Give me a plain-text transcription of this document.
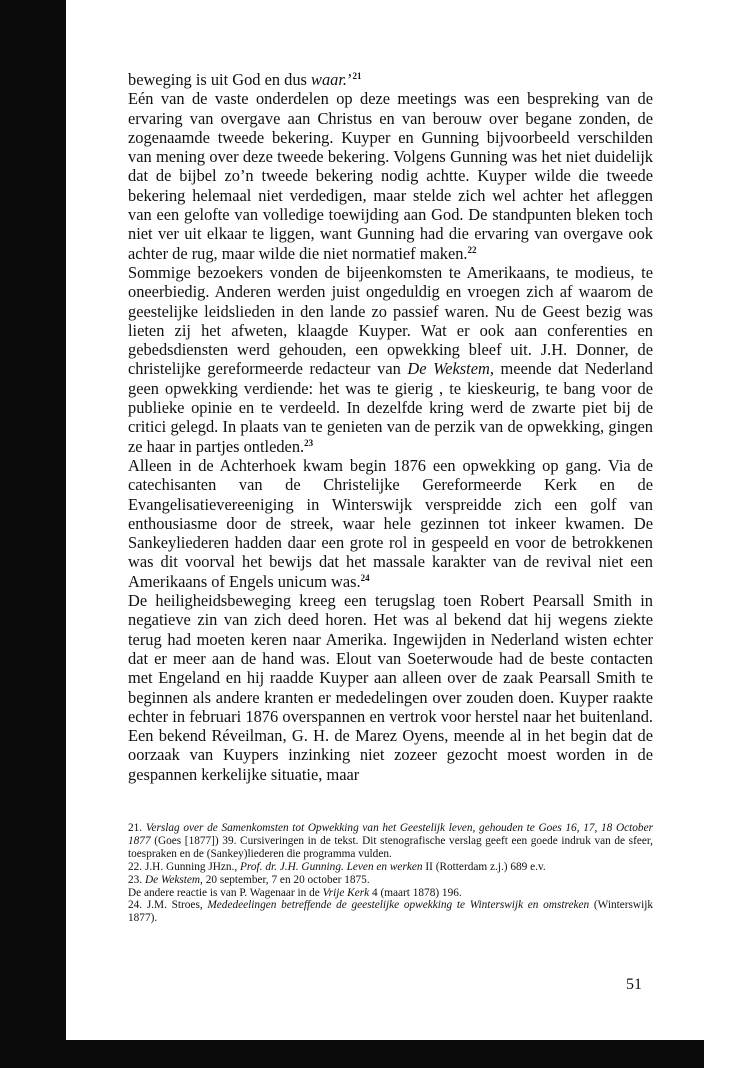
beweging is uit God en dus waar.’$^{21}$

Eén van de vaste onderdelen op deze meetings was een bespreking van de ervaring van overgave aan Christus en van berouw over begane zonden, de zogenaamde tweede bekering. Kuyper en Gunning bijvoorbeeld verschilden van mening over deze tweede bekering. Volgens Gunning was het niet duidelijk dat de bijbel zo’n tweede bekering nodig achtte. Kuyper wilde die tweede bekering helemaal niet verdedigen, maar stelde zich wel achter het afleggen van een gelofte van volledige toewijding aan God. De standpunten bleken toch niet ver uit elkaar te liggen, want Gunning had die ervaring van overgave ook achter de rug, maar wilde die niet normatief maken.$^{22}$

Sommige bezoekers vonden de bijeenkomsten te Amerikaans, te modieus, te oneerbiedig. Anderen werden juist ongeduldig en vroegen zich af waarom de geestelijke leidslieden in den lande zo passief waren. Nu de Geest bezig was lieten zij het afweten, klaagde Kuyper. Wat er ook aan conferenties en gebedsdiensten werd gehouden, een opwekking bleef uit. J.H. Donner, de christelijke gereformeerde redacteur van De Wekstem, meende dat Nederland geen opwekking verdiende: het was te gierig , te kieskeurig, te bang voor de publieke opinie en te verdeeld. In dezelfde kring werd de zwarte piet bij de critici gelegd. In plaats van te genieten van de perzik van de opwekking, gingen ze haar in partjes ontleden.$^{23}$

Alleen in de Achterhoek kwam begin 1876 een opwekking op gang. Via de catechisanten van de Christelijke Gereformeerde Kerk en de Evangelisatievereeniging in Winterswijk verspreidde zich een golf van enthousiasme door de streek, waar hele gezinnen tot inkeer kwamen. De Sankeyliederen hadden daar een grote rol in gespeeld en voor de betrokkenen was dit voorval het bewijs dat het massale karakter van de revival niet een Amerikaans of Engels unicum was.$^{24}$

De heiligheidsbeweging kreeg een terugslag toen Robert Pearsall Smith in negatieve zin van zich deed horen. Het was al bekend dat hij wegens ziekte terug had moeten keren naar Amerika. Ingewijden in Nederland wisten echter dat er meer aan de hand was. Elout van Soeterwoude had de beste contacten met Engeland en hij raadde Kuyper aan alleen over de zaak Pearsall Smith te beginnen als andere kranten er mededelingen over zouden doen. Kuyper raakte echter in februari 1876 overspannen en vertrok voor herstel naar het buitenland. Een bekend Réveilman, G. H. de Marez Oyens, meende al in het begin dat de oorzaak van Kuypers inzinking niet zozeer gezocht moest worden in de gespannen kerkelijke situatie, maar

21. Verslag over de Samenkomsten tot Opwekking van het Geestelijk leven, gehouden te Goes 16, 17, 18 October 1877 (Goes [1877]) 39. Cursiveringen in de tekst. Dit stenografische verslag geeft een goede indruk van de sfeer, toespraken en de (Sankey)liederen die programma vulden.

22. J.H. Gunning JHzn., Prof. dr. J.H. Gunning. Leven en werken II (Rotterdam z.j.) 689 e.v.

23. De Wekstem, 20 september, 7 en 20 october 1875.

De andere reactie is van P. Wagenaar in de Vrije Kerk 4 (maart 1878) 196.

24. J.M. Stroes, Mededeelingen betreffende de geestelijke opwekking te Winterswijk en omstreken (Winterswijk 1877).

51
